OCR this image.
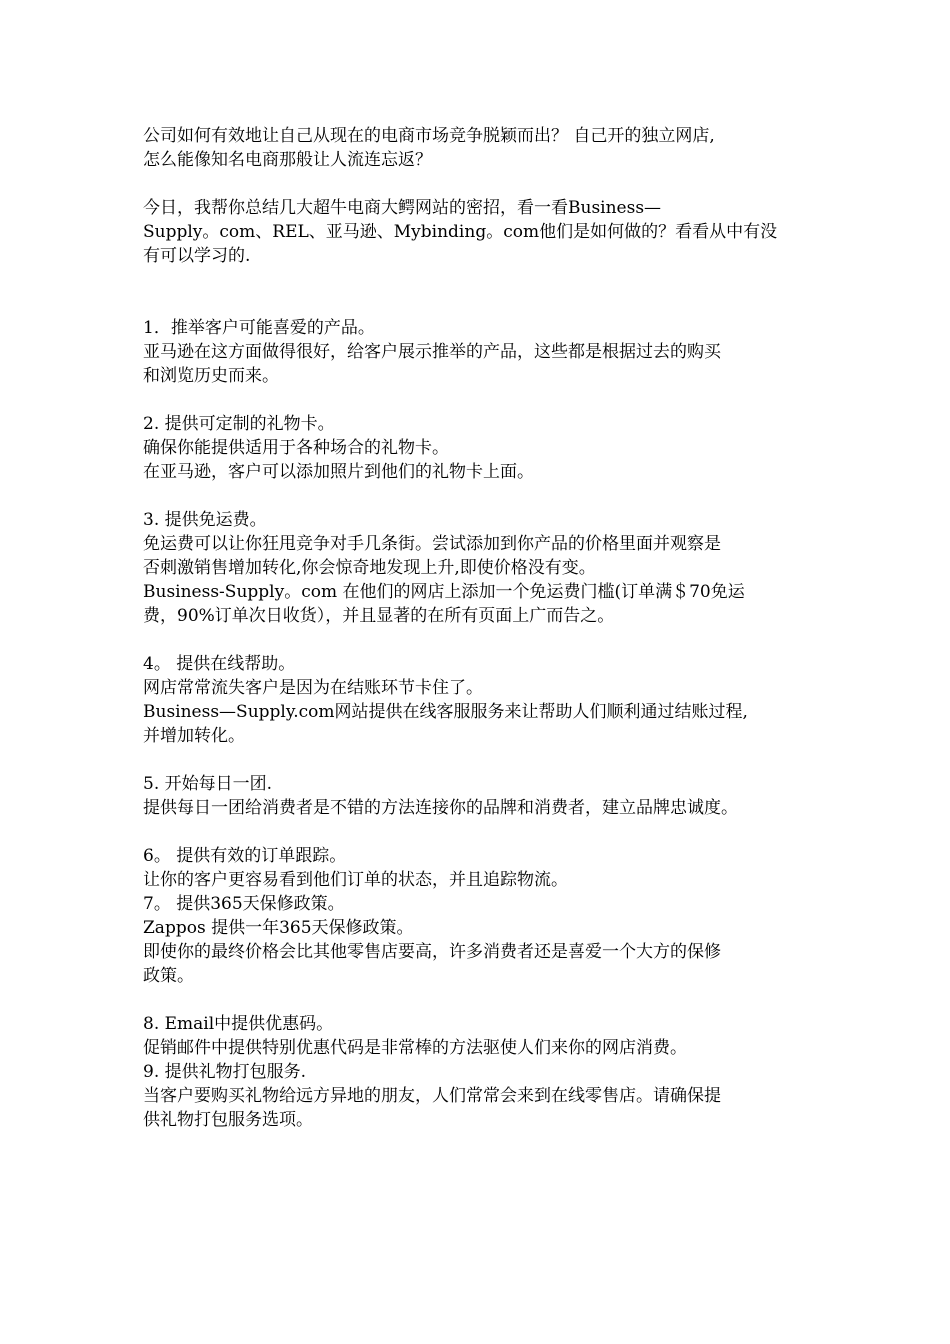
公司如何有效地让自己从现在的电商市场竞争脱颖而出？ 自己开的独立网店,
怎么能像知名电商那般让人流连忘返？
今日，我帮你总结几大超牛电商大鳄网站的密招，看一看Business—
Supply。com、REL、亚马逊、Mybinding。com他们是如何做的？看看从中有没
有可以学习的.
1．推举客户可能喜爱的产品。
亚马逊在这方面做得很好，给客户展示推举的产品，这些都是根据过去的购买
和浏览历史而来。
2. 提供可定制的礼物卡。
确保你能提供适用于各种场合的礼物卡。
在亚马逊，客户可以添加照片到他们的礼物卡上面。
3. 提供免运费。
免运费可以让你狂甩竞争对手几条街。尝试添加到你产品的价格里面并观察是
否刺激销售增加转化,你会惊奇地发现上升,即使价格没有变。
Business-Supply。com 在他们的网店上添加一个免运费门槛(订单满＄70免运
费，90%订单次日收货），并且显著的在所有页面上广而告之。
4。 提供在线帮助。
网店常常流失客户是因为在结账环节卡住了。
Business—Supply.com网站提供在线客服服务来让帮助人们顺利通过结账过程,
并增加转化。
5. 开始每日一团.
提供每日一团给消费者是不错的方法连接你的品牌和消费者，建立品牌忠诚度。
6。 提供有效的订单跟踪。
让你的客户更容易看到他们订单的状态，并且追踪物流。
7。 提供365天保修政策。
Zappos 提供一年365天保修政策。
即使你的最终价格会比其他零售店要高，许多消费者还是喜爱一个大方的保修
政策。
8. Email中提供优惠码。
促销邮件中提供特别优惠代码是非常棒的方法驱使人们来你的网店消费。
9. 提供礼物打包服务.
当客户要购买礼物给远方异地的朋友，人们常常会来到在线零售店。请确保提
供礼物打包服务选项。
